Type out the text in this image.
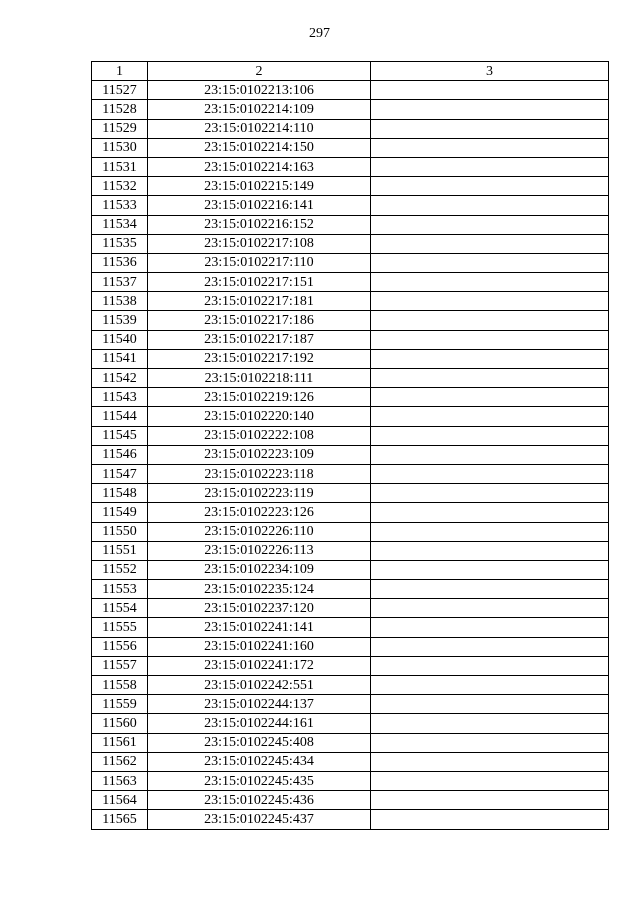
297
1	2	3
11527	23:15:0102213:106	
11528	23:15:0102214:109	
11529	23:15:0102214:110	
11530	23:15:0102214:150	
11531	23:15:0102214:163	
11532	23:15:0102215:149	
11533	23:15:0102216:141	
11534	23:15:0102216:152	
11535	23:15:0102217:108	
11536	23:15:0102217:110	
11537	23:15:0102217:151	
11538	23:15:0102217:181	
11539	23:15:0102217:186	
11540	23:15:0102217:187	
11541	23:15:0102217:192	
11542	23:15:0102218:111	
11543	23:15:0102219:126	
11544	23:15:0102220:140	
11545	23:15:0102222:108	
11546	23:15:0102223:109	
11547	23:15:0102223:118	
11548	23:15:0102223:119	
11549	23:15:0102223:126	
11550	23:15:0102226:110	
11551	23:15:0102226:113	
11552	23:15:0102234:109	
11553	23:15:0102235:124	
11554	23:15:0102237:120	
11555	23:15:0102241:141	
11556	23:15:0102241:160	
11557	23:15:0102241:172	
11558	23:15:0102242:551	
11559	23:15:0102244:137	
11560	23:15:0102244:161	
11561	23:15:0102245:408	
11562	23:15:0102245:434	
11563	23:15:0102245:435	
11564	23:15:0102245:436	
11565	23:15:0102245:437	
